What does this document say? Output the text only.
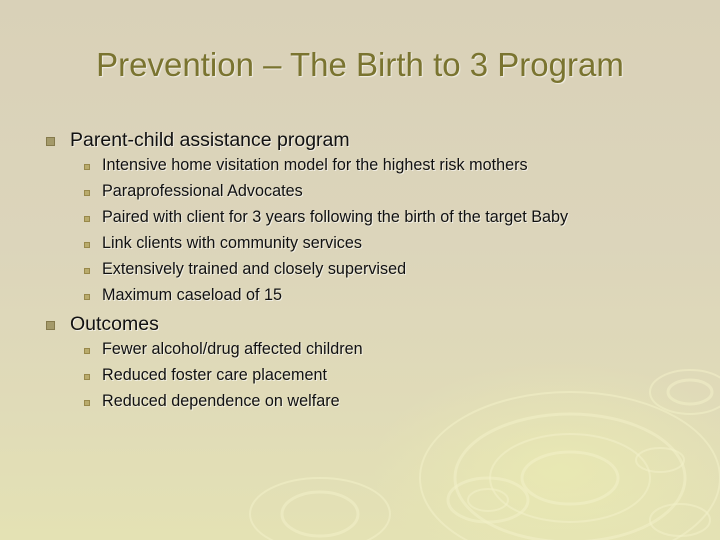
Prevention – The Birth to 3 Program
Parent-child assistance program
Intensive home visitation model for the highest risk mothers
Paraprofessional Advocates
Paired with client for 3 years following the birth of the target Baby
Link clients with community services
Extensively trained and closely supervised
Maximum caseload of 15
Outcomes
Fewer alcohol/drug affected children
Reduced foster care placement
Reduced dependence on welfare
